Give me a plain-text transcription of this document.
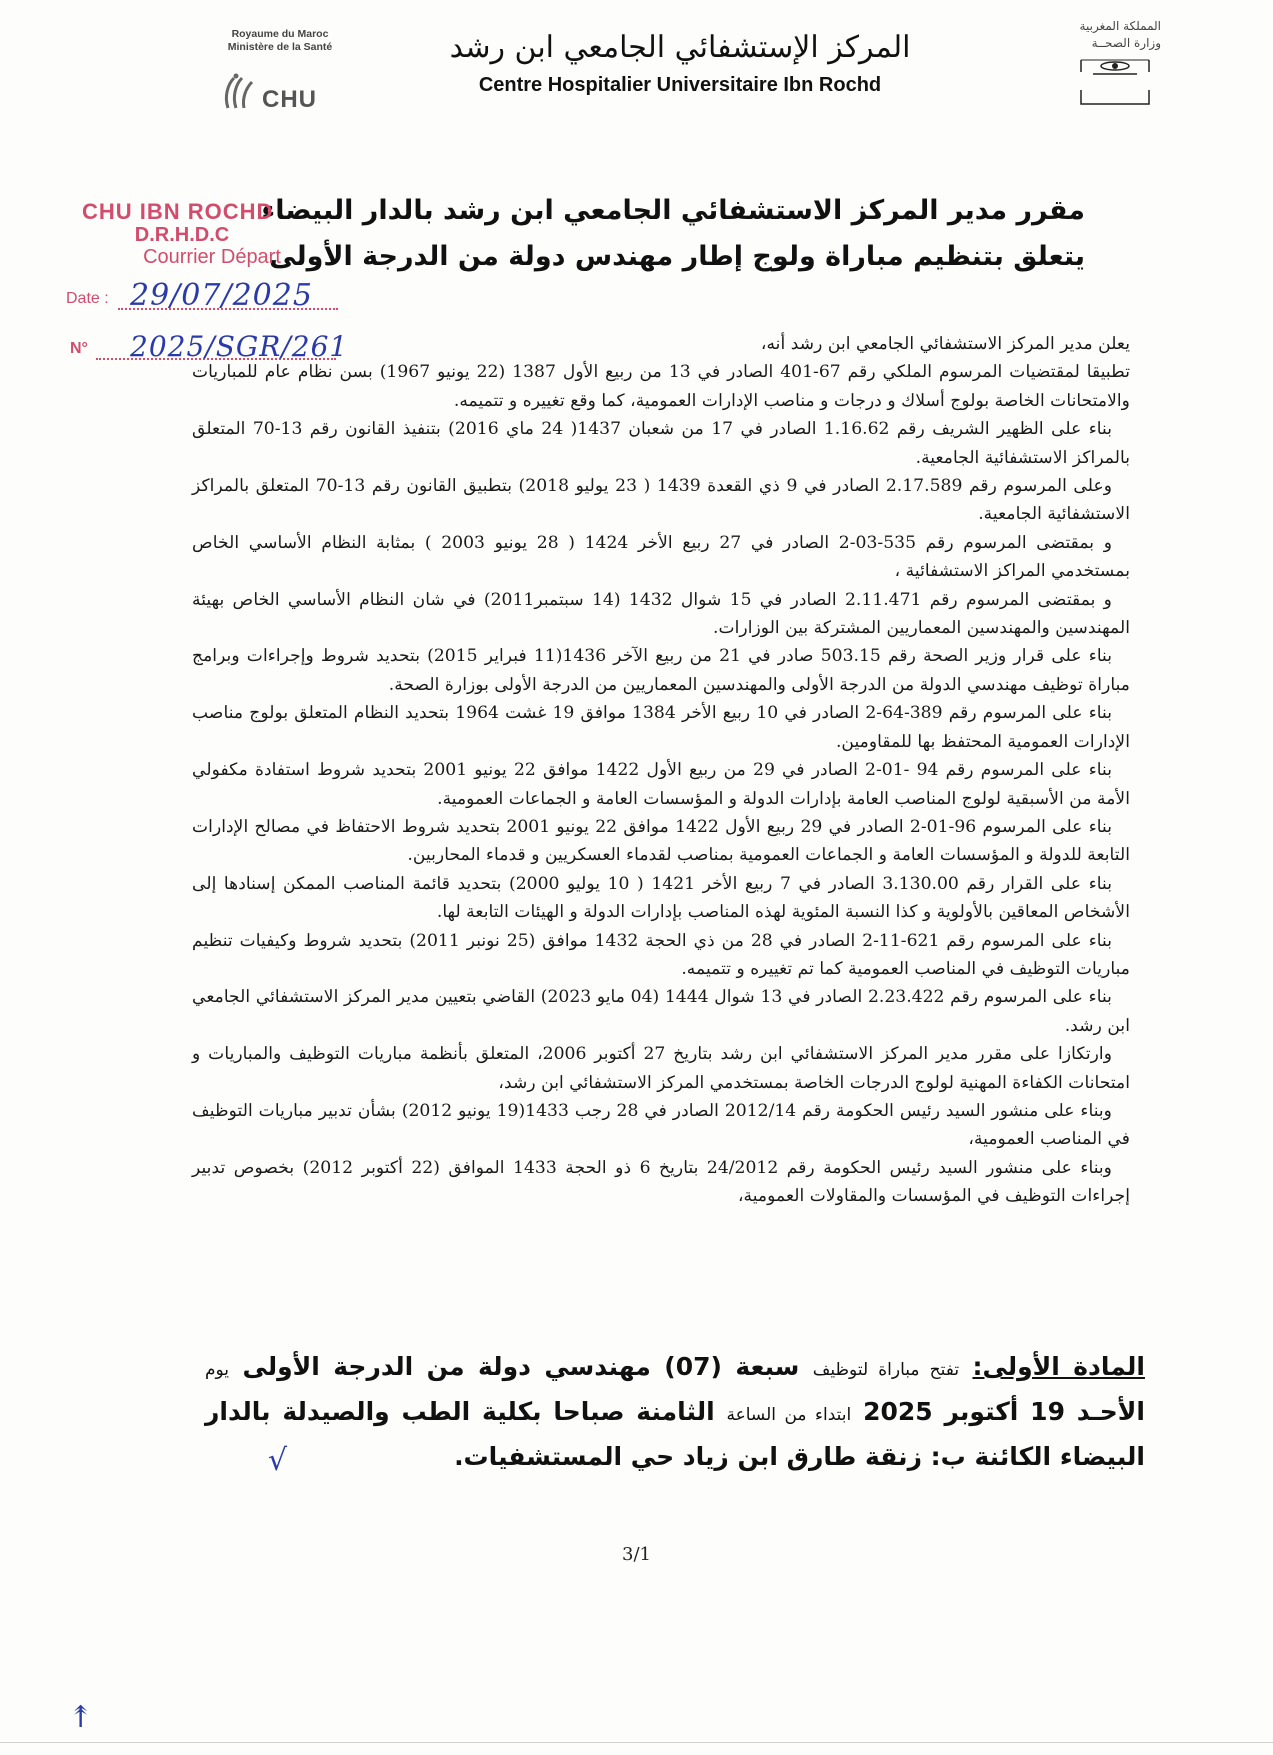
Royaume du Maroc
Ministère de la Santé
CHU
المركز الإستشفائي الجامعي ابن رشد
Centre Hospitalier Universitaire Ibn Rochd
المملكة المغربية
وزارة الصحــة
مقرر مدير المركز الاستشفائي الجامعي ابن رشد بالدار البيضاء
يتعلق بتنظيم مباراة ولوج إطار مهندس دولة من الدرجة الأولى
CHU IBN ROCHD
D.R.H.D.C
Courrier Départ
Date : 29/07/2025
N° 2025/SGR/261	يعلن مدير المركز الاستشفائي الجامعي ابن رشد أنه،

تطبيقا لمقتضيات المرسوم الملكي رقم 67-401 الصادر في 13 من ربيع الأول 1387 (22 يونيو 1967) بسن نظام عام للمباريات والامتحانات الخاصة بولوج أسلاك و درجات و مناصب الإدارات العمومية، كما وقع تغييره و تتميمه.

بناء على الظهير الشريف رقم 1.16.62 الصادر في 17 من شعبان 1437( 24 ماي 2016) بتنفيذ القانون رقم 13-70 المتعلق بالمراكز الاستشفائية الجامعية.

وعلى المرسوم رقم 2.17.589 الصادر في 9 ذي القعدة 1439 ( 23 يوليو 2018) بتطبيق القانون رقم 13-70 المتعلق بالمراكز الاستشفائية الجامعية.

و بمقتضى المرسوم رقم 535-03-2 الصادر في 27 ربيع الأخر 1424 ( 28 يونيو 2003 ) بمثابة النظام الأساسي الخاص بمستخدمي المراكز الاستشفائية ،

و بمقتضى المرسوم رقم 2.11.471 الصادر في 15 شوال 1432 (14 سبتمبر2011) في شان النظام الأساسي الخاص بهيئة المهندسين والمهندسين المعماريين المشتركة بين الوزارات.

بناء على قرار وزير الصحة رقم 503.15 صادر في 21 من ربيع الآخر 1436(11 فبراير 2015) بتحديد شروط وإجراءات وبرامج مباراة توظيف مهندسي الدولة من الدرجة الأولى والمهندسين المعماريين من الدرجة الأولى بوزارة الصحة.

بناء على المرسوم رقم 389-64-2 الصادر في 10 ربيع الأخر 1384 موافق 19 غشت 1964 بتحديد النظام المتعلق بولوج مناصب الإدارات العمومية المحتفظ بها للمقاومين.

بناء على المرسوم رقم 94 -01-2 الصادر في 29 من ربيع الأول 1422 موافق 22 يونيو 2001 بتحديد شروط استفادة مكفولي الأمة من الأسبقية لولوج المناصب العامة بإدارات الدولة و المؤسسات العامة و الجماعات العمومية.

بناء على المرسوم 96-01-2 الصادر في 29 ربيع الأول 1422 موافق 22 يونيو 2001 بتحديد شروط الاحتفاظ في مصالح الإدارات التابعة للدولة و المؤسسات العامة و الجماعات العمومية بمناصب لقدماء العسكريين و قدماء المحاربين.

بناء على القرار رقم 3.130.00 الصادر في 7 ربيع الأخر 1421 ( 10 يوليو 2000) بتحديد قائمة المناصب الممكن إسنادها إلى الأشخاص المعاقين بالأولوية و كذا النسبة المئوية لهذه المناصب بإدارات الدولة و الهيئات التابعة لها.

بناء على المرسوم رقم 621-11-2 الصادر في 28 من ذي الحجة 1432 موافق (25 نونبر 2011) بتحديد شروط وكيفيات تنظيم مباريات التوظيف في المناصب العمومية كما تم تغييره و تتميمه.

بناء على المرسوم رقم 2.23.422 الصادر في 13 شوال 1444 (04 مايو 2023) القاضي بتعيين مدير المركز الاستشفائي الجامعي ابن رشد.

وارتكازا على مقرر مدير المركز الاستشفائي ابن رشد بتاريخ 27 أكتوبر 2006، المتعلق بأنظمة مباريات التوظيف والمباريات و امتحانات الكفاءة المهنية لولوج الدرجات الخاصة بمستخدمي المركز الاستشفائي ابن رشد،

وبناء على منشور السيد رئيس الحكومة رقم 2012/14 الصادر في 28 رجب 1433(19 يونيو 2012) بشأن تدبير مباريات التوظيف في المناصب العمومية،

وبناء على منشور السيد رئيس الحكومة رقم 24/2012 بتاريخ 6 ذو الحجة 1433 الموافق (22 أكتوبر 2012) بخصوص تدبير إجراءات التوظيف في المؤسسات والمقاولات العمومية،

المادة الأولى: تفتح مباراة لتوظيف سبعة (07) مهندسي دولة من الدرجة الأولى يوم الأحـد 19 أكتوبر 2025 ابتداء من الساعة الثامنة صباحا بكلية الطب والصيدلة بالدار البيضاء الكائنة ب: زنقة طارق ابن زياد حي المستشفيات.
√
3/1
↟
